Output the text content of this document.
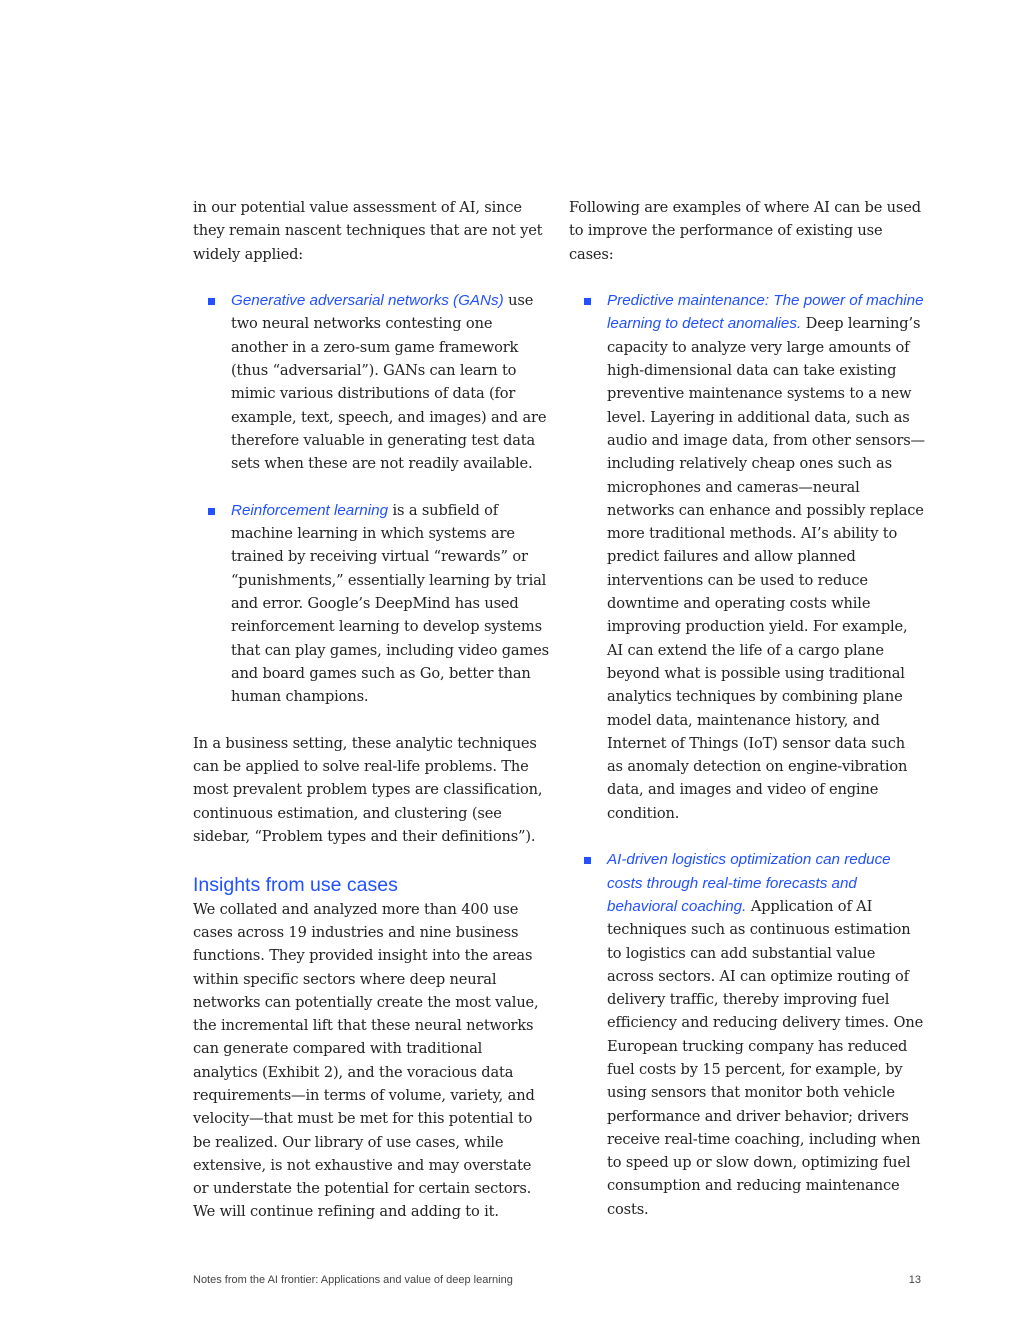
in our potential value assessment of AI, since they remain nascent techniques that are not yet widely applied:

Generative adversarial networks (GANs) use two neural networks contesting one another in a zero-sum game framework (thus “adversarial”). GANs can learn to mimic various distributions of data (for example, text, speech, and images) and are therefore valuable in generating test data sets when these are not readily available.
Reinforcement learning is a subfield of machine learning in which systems are trained by receiving virtual “rewards” or “punishments,” essentially learning by trial and error. Google’s DeepMind has used reinforcement learning to develop systems that can play games, including video games and board games such as Go, better than human champions.

In a business setting, these analytic techniques can be applied to solve real-life problems. The most prevalent problem types are classification, continuous estimation, and clustering (see sidebar, “Problem types and their definitions”).

Insights from use cases

We collated and analyzed more than 400 use cases across 19 industries and nine business functions. They provided insight into the areas within specific sectors where deep neural networks can potentially create the most value, the incremental lift that these neural networks can generate compared with traditional analytics (Exhibit 2), and the voracious data requirements—in terms of volume, variety, and velocity—that must be met for this potential to be realized. Our library of use cases, while extensive, is not exhaustive and may overstate or understate the potential for certain sectors. We will continue refining and adding to it.

Following are examples of where AI can be used to improve the performance of existing use cases:

Predictive maintenance: The power of machine learning to detect anomalies. Deep learning’s capacity to analyze very large amounts of high-dimensional data can take existing preventive maintenance systems to a new level. Layering in additional data, such as audio and image data, from other sensors—including relatively cheap ones such as microphones and cameras—neural networks can enhance and possibly replace more traditional methods. AI’s ability to predict failures and allow planned interventions can be used to reduce downtime and operating costs while improving production yield. For example, AI can extend the life of a cargo plane beyond what is possible using traditional analytics techniques by combining plane model data, maintenance history, and Internet of Things (IoT) sensor data such as anomaly detection on engine-vibration data, and images and video of engine condition.
AI-driven logistics optimization can reduce costs through real-time forecasts and behavioral coaching. Application of AI techniques such as continuous estimation to logistics can add substantial value across sectors. AI can optimize routing of delivery traffic, thereby improving fuel efficiency and reducing delivery times. One European trucking company has reduced fuel costs by 15 percent, for example, by using sensors that monitor both vehicle performance and driver behavior; drivers receive real-time coaching, including when to speed up or slow down, optimizing fuel consumption and reducing maintenance costs.
Notes from the AI frontier: Applications and value of deep learning	13
